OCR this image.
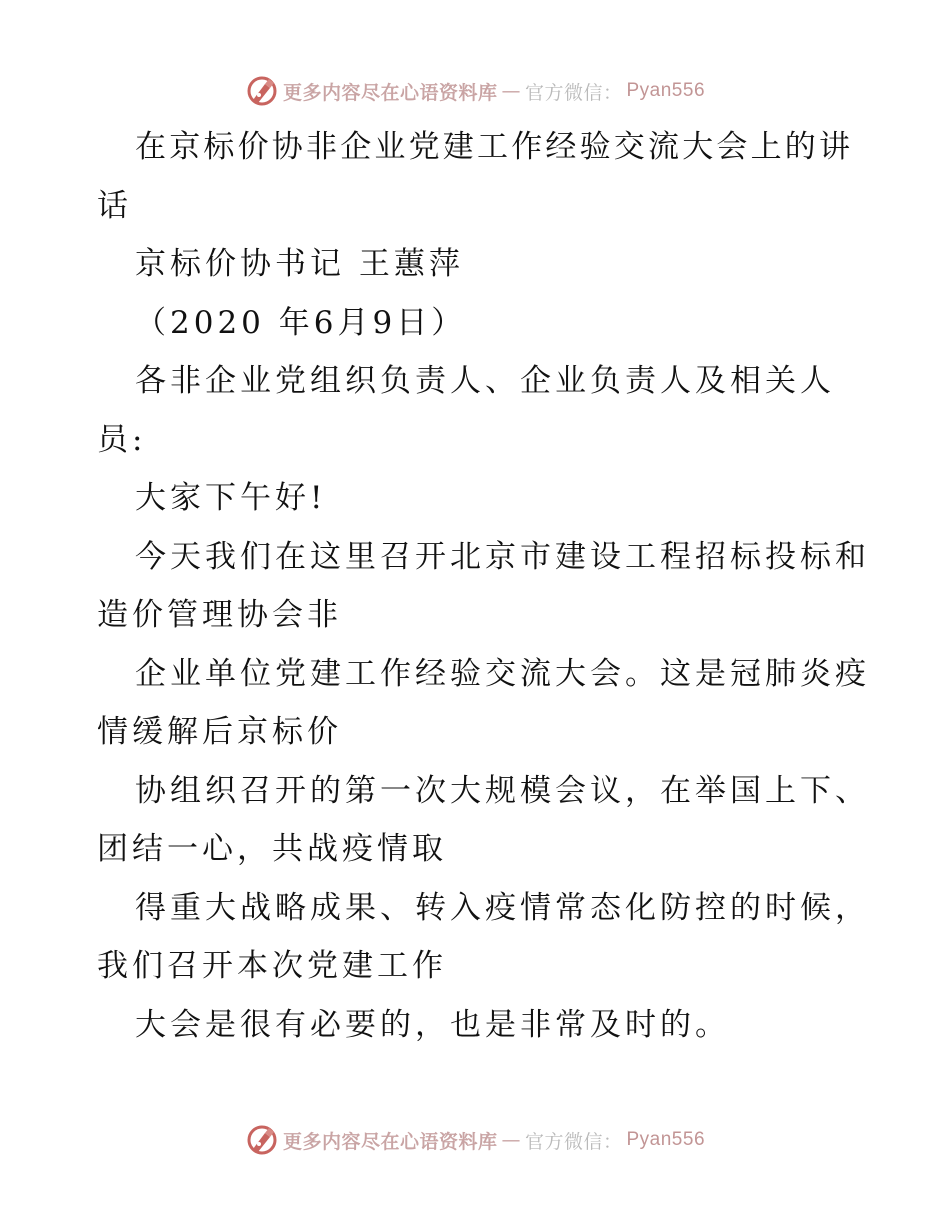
更多内容尽在心语资料库 — 官方微信： Pyan556
在京标价协非企业党建工作经验交流大会上的讲
话
京标价协书记 王蕙萍
（2020 年6月9日）
各非企业党组织负责人、企业负责人及相关人
员:
大家下午好!
今天我们在这里召开北京市建设工程招标投标和
造价管理协会非
企业单位党建工作经验交流大会。这是冠肺炎疫
情缓解后京标价
协组织召开的第一次大规模会议，在举国上下、
团结一心，共战疫情取
得重大战略成果、转入疫情常态化防控的时候，
我们召开本次党建工作
大会是很有必要的，也是非常及时的。
更多内容尽在心语资料库 — 官方微信： Pyan556
